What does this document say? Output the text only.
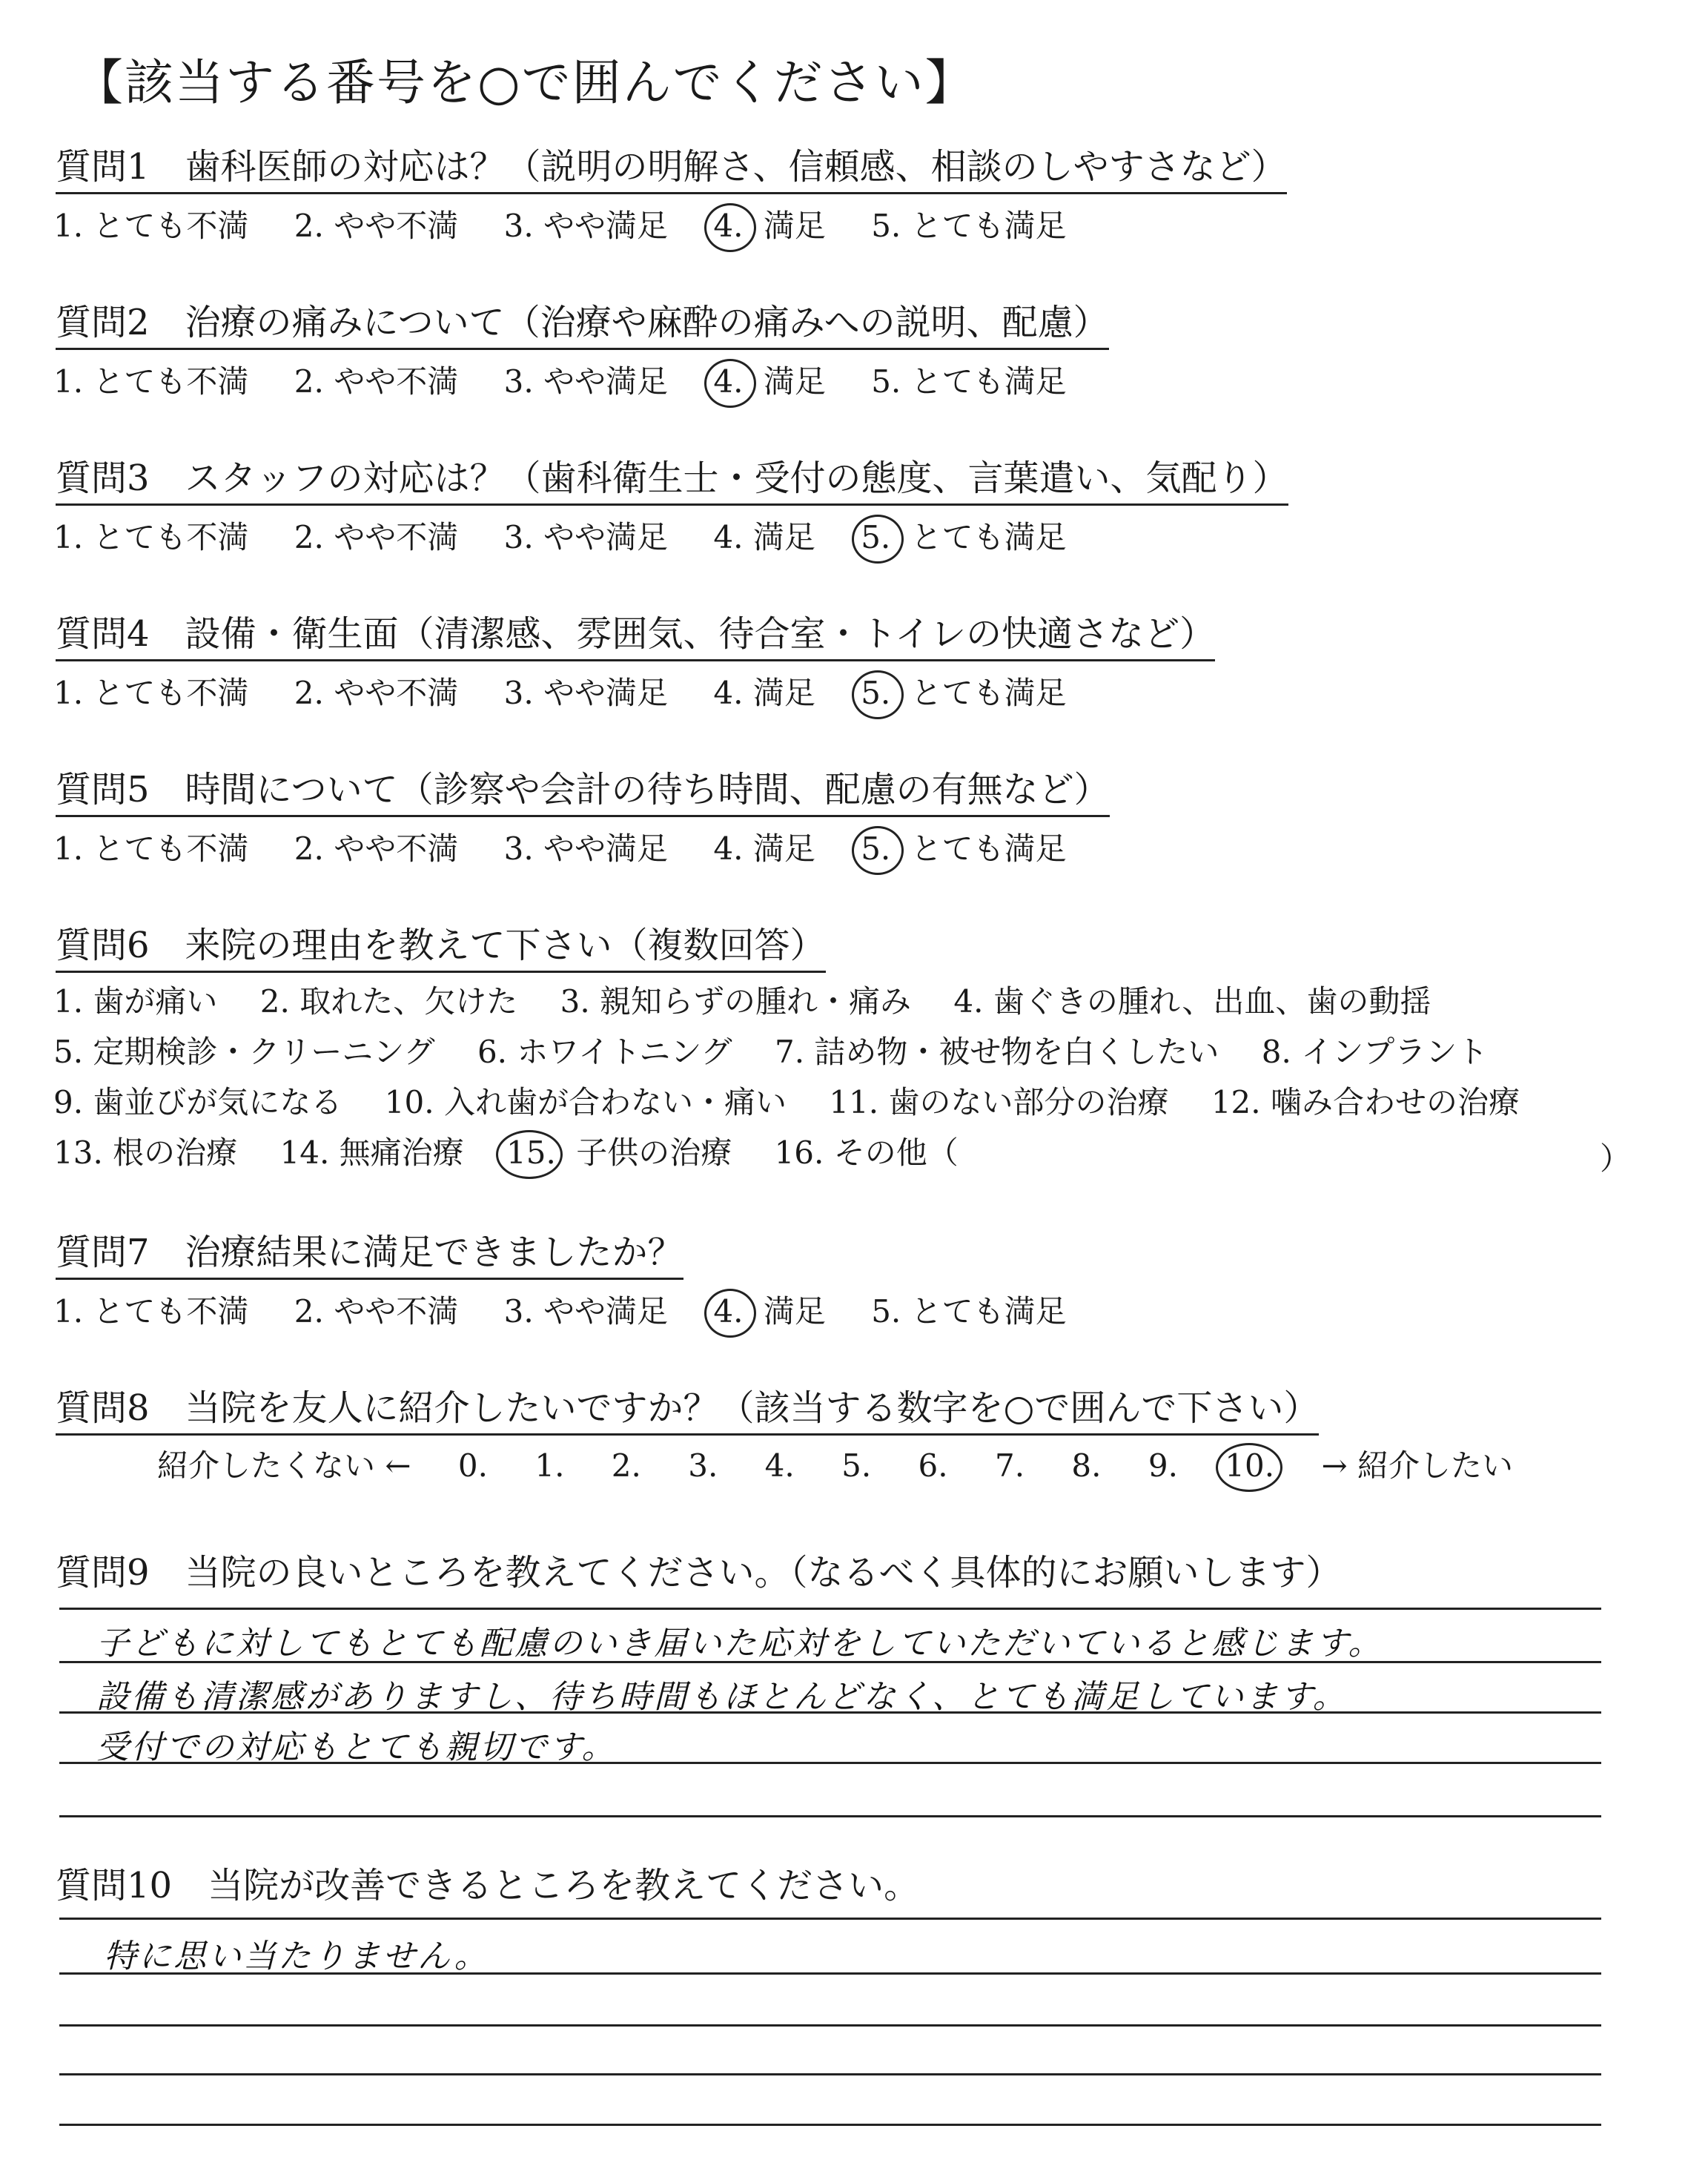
【該当する番号を○で囲んでください】
質問1　歯科医師の対応は？（説明の明解さ、信頼感、相談のしやすさなど）
1. とても不満 2. やや不満 3. やや満足 4. 満足 5. とても満足
質問2　治療の痛みについて（治療や麻酔の痛みへの説明、配慮）
1. とても不満 2. やや不満 3. やや満足 4. 満足 5. とても満足
質問3　スタッフの対応は？（歯科衛生士・受付の態度、言葉遣い、気配り）
1. とても不満 2. やや不満 3. やや満足 4. 満足 5. とても満足
質問4　設備・衛生面（清潔感、雰囲気、待合室・トイレの快適さなど）
1. とても不満 2. やや不満 3. やや満足 4. 満足 5. とても満足
質問5　時間について（診察や会計の待ち時間、配慮の有無など）
1. とても不満 2. やや不満 3. やや満足 4. 満足 5. とても満足
質問6　来院の理由を教えて下さい（複数回答）
1. 歯が痛い 2. 取れた、欠けた 3. 親知らずの腫れ・痛み 4. 歯ぐきの腫れ、出血、歯の動揺
5. 定期検診・クリーニング 6. ホワイトニング 7. 詰め物・被せ物を白くしたい 8. インプラント
9. 歯並びが気になる 10. 入れ歯が合わない・痛い 11. 歯のない部分の治療 12. 噛み合わせの治療
13. 根の治療 14. 無痛治療 15. 子供の治療 16. その他（	）
質問7　治療結果に満足できましたか？
1. とても不満 2. やや不満 3. やや満足 4. 満足 5. とても満足
質問8　当院を友人に紹介したいですか？（該当する数字を○で囲んで下さい）
紹介したくない ← 0. 1. 2. 3. 4. 5. 6. 7. 8. 9. 10. → 紹介したい
質問9　当院の良いところを教えてください。（なるべく具体的にお願いします）
子どもに対してもとても配慮のいき届いた応対をしていただいていると感じます。
設備も清潔感がありますし、待ち時間もほとんどなく、とても満足しています。
受付での対応もとても親切です。
質問10　当院が改善できるところを教えてください。
特に思い当たりません。
